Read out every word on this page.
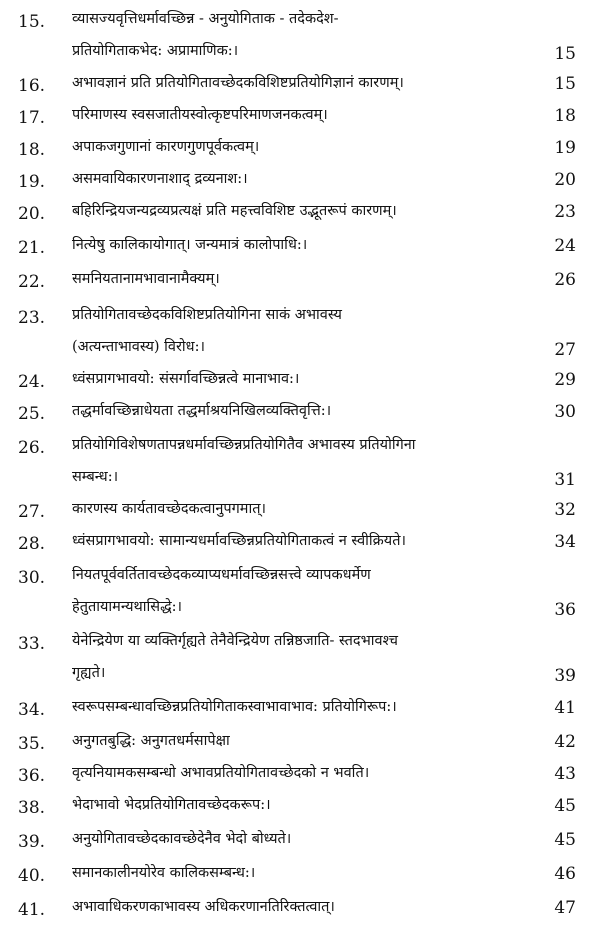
15.	व्यासज्यवृत्तिधर्मावच्छिन्न - अनुयोगिताक - तदेकदेश-
प्रतियोगिताकभेद: अप्रामाणिक:।	15
16.	अभावज्ञानं प्रति प्रतियोगितावच्छेदकविशिष्टप्रतियोगिज्ञानं कारणम्।	15
17.	परिमाणस्य स्वसजातीयस्वोत्कृष्टपरिमाणजनकत्वम्।	18
18.	अपाकजगुणानां कारणगुणपूर्वकत्वम्।	19
19.	असमवायिकारणनाशाद् द्रव्यनाश:।	20
20.	बहिरिन्द्रियजन्यद्रव्यप्रत्यक्षं प्रति महत्त्वविशिष्ट उद्भूतरूपं कारणम्।	23
21.	नित्येषु कालिकायोगात्। जन्यमात्रं कालोपाधि:।	24
22.	समनियतानामभावानामैक्यम्।	26
23.	प्रतियोगितावच्छेदकविशिष्टप्रतियोगिना साकं अभावस्य
(अत्यन्ताभावस्य) विरोध:।	27
24.	ध्वंसप्रागभावयो: संसर्गावच्छिन्नत्वे मानाभाव:।	29
25.	तद्धर्मावच्छिन्नाधेयता तद्धर्माश्रयनिखिलव्यक्तिवृत्ति:।	30
26.	प्रतियोगिविशेषणतापन्नधर्मावच्छिन्नप्रतियोगितैव अभावस्य प्रतियोगिना
सम्बन्ध:।	31
27.	कारणस्य कार्यतावच्छेदकत्वानुपगमात्।	32
28.	ध्वंसप्रागभावयो: सामान्यधर्मावच्छिन्नप्रतियोगिताकत्वं न स्वीक्रियते।	34
30.	नियतपूर्ववर्तितावच्छेदकव्याप्यधर्मावच्छिन्नसत्त्वे व्यापकधर्मेण
हेतुतायामन्यथासिद्धे:।	36
33.	येनेन्द्रियेण या व्यक्तिर्गृह्यते तेनैवेन्द्रियेण तन्निष्ठजाति- स्तदभावश्च
गृह्यते।	39
34.	स्वरूपसम्बन्धावच्छिन्नप्रतियोगिताकस्वाभावाभाव: प्रतियोगिरूप:।	41
35.	अनुगतबुद्धि: अनुगतधर्मसापेक्षा	42
36.	वृत्यनियामकसम्बन्धो अभावप्रतियोगितावच्छेदको न भवति।	43
38.	भेदाभावो भेदप्रतियोगितावच्छेदकरूप:।	45
39.	अनुयोगितावच्छेदकावच्छेदेनैव भेदो बोध्यते।	45
40.	समानकालीनयोरेव कालिकसम्बन्ध:।	46
41.	अभावाधिकरणकाभावस्य अधिकरणानतिरिक्तत्वात्।	47
